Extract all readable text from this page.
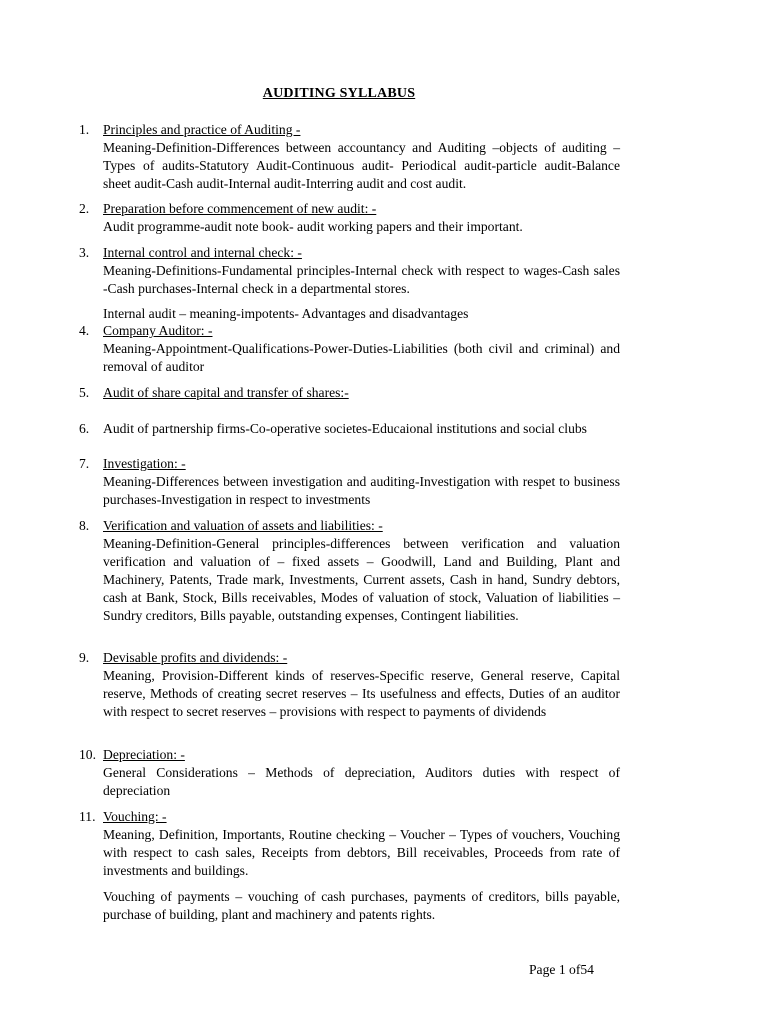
AUDITING SYLLABUS
1.	Principles and practice of Auditing -
Meaning-Definition-Differences between accountancy and Auditing –objects of auditing –Types of audits-Statutory Audit-Continuous audit- Periodical audit-particle audit-Balance sheet audit-Cash audit-Internal audit-Interring audit and cost audit.
2.	Preparation before commencement of new audit: -
Audit programme-audit note book- audit working papers and their important.
3.	Internal control and internal check: -
Meaning-Definitions-Fundamental principles-Internal check with respect to wages-Cash sales -Cash purchases-Internal check in a departmental stores.
Internal audit – meaning-impotents- Advantages and disadvantages
4.	Company Auditor: -
Meaning-Appointment-Qualifications-Power-Duties-Liabilities (both civil and criminal) and removal of auditor
5.	Audit of share capital and transfer of shares:-
6.	Audit of partnership firms-Co-operative societes-Educaional institutions and social clubs
7.	Investigation: -
Meaning-Differences between investigation and auditing-Investigation with respet to business purchases-Investigation in respect to investments
8.	Verification and valuation of assets and liabilities: -
Meaning-Definition-General principles-differences between verification and valuation verification and valuation of – fixed assets – Goodwill, Land and Building, Plant and Machinery, Patents, Trade mark, Investments, Current assets, Cash in hand, Sundry debtors, cash at Bank, Stock, Bills receivables, Modes of valuation of stock, Valuation of liabilities – Sundry creditors, Bills payable, outstanding expenses, Contingent liabilities.
9.	Devisable profits and dividends: -
Meaning, Provision-Different kinds of reserves-Specific reserve, General reserve, Capital reserve, Methods of creating secret reserves – Its usefulness and effects, Duties of an auditor with respect to secret reserves – provisions with respect to payments of dividends
10. Depreciation: -
General Considerations – Methods of depreciation, Auditors duties with respect of depreciation
11. Vouching: -
Meaning, Definition, Importants, Routine checking – Voucher – Types of vouchers, Vouching with respect to cash sales, Receipts from debtors, Bill receivables, Proceeds from rate of investments and buildings.
Vouching of payments – vouching of cash purchases, payments of creditors, bills payable, purchase of building, plant and machinery and patents rights.
Page 1 of54
